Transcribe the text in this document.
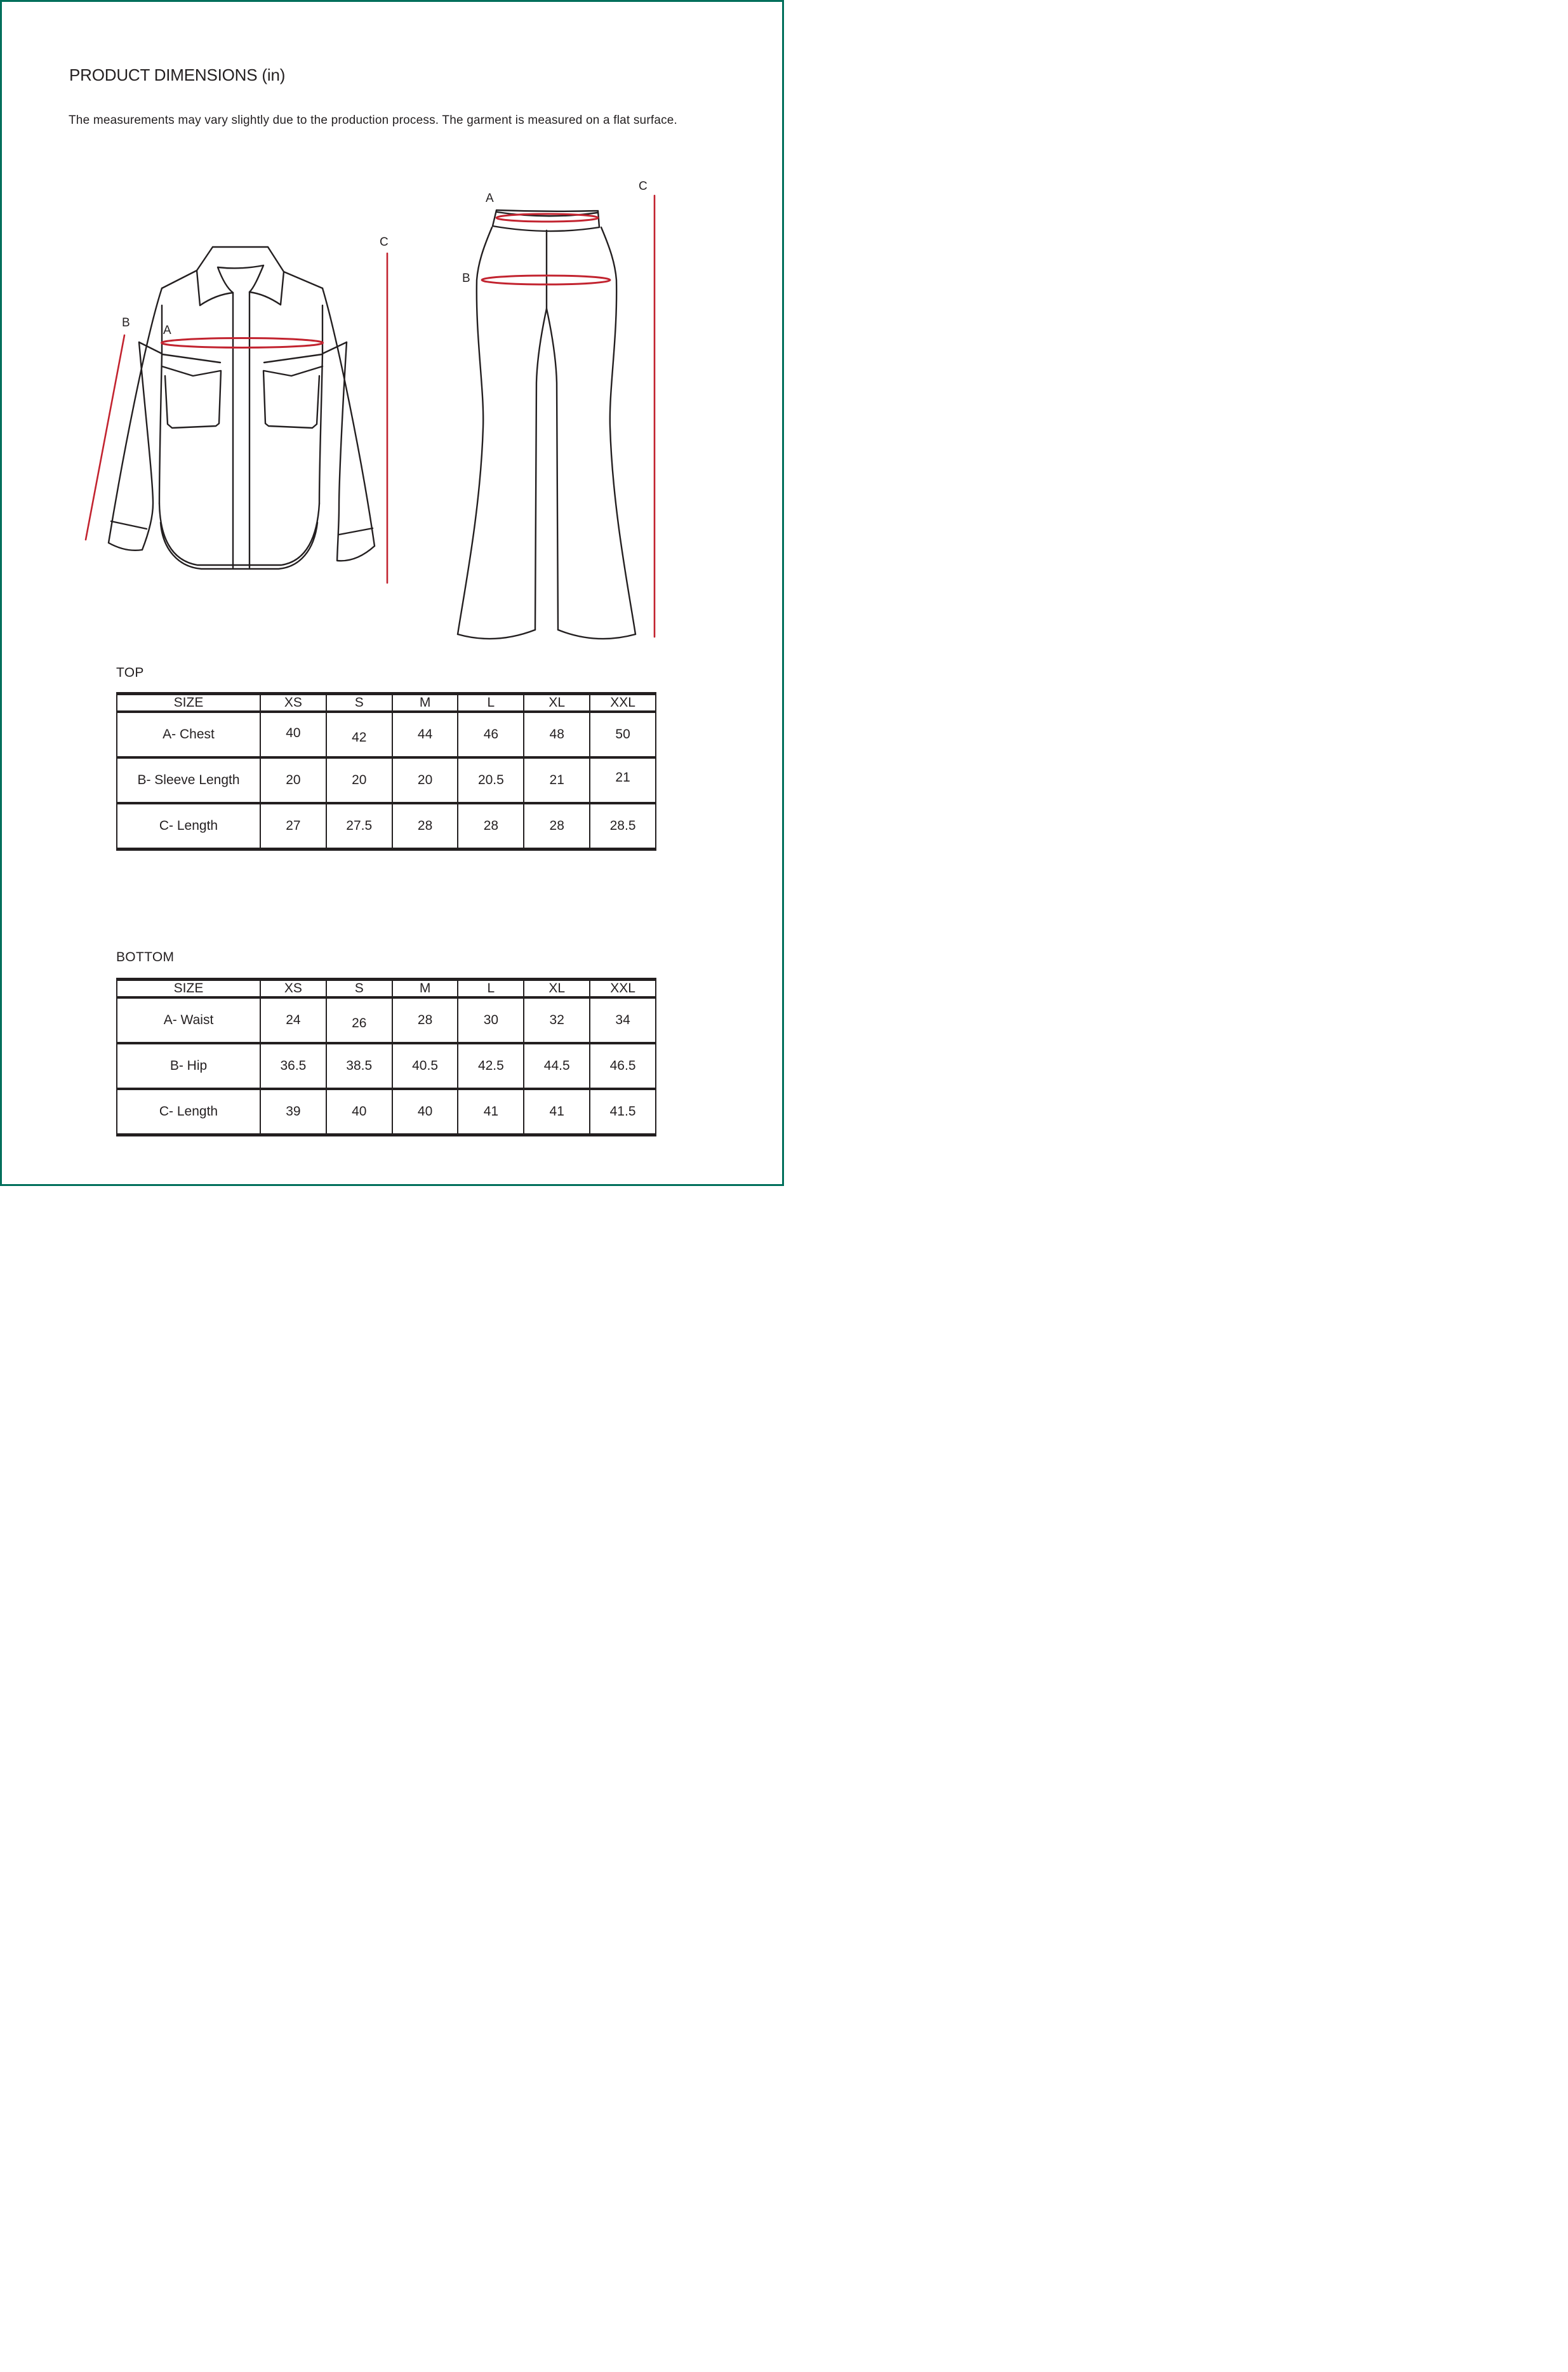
PRODUCT DIMENSIONS (in)
The measurements may vary slightly due to the production process. The garment is measured on a flat surface.
A
B
C
A
B
C
TOP
SIZE	XS	S	M	L	XL	XXL
A- Chest	40	42	44	46	48	50
B- Sleeve Length	20	20	20	20.5	21	21
C- Length	27	27.5	28	28	28	28.5
BOTTOM
SIZE	XS	S	M	L	XL	XXL
A- Waist	24	26	28	30	32	34
B- Hip	36.5	38.5	40.5	42.5	44.5	46.5
C- Length	39	40	40	41	41	41.5
